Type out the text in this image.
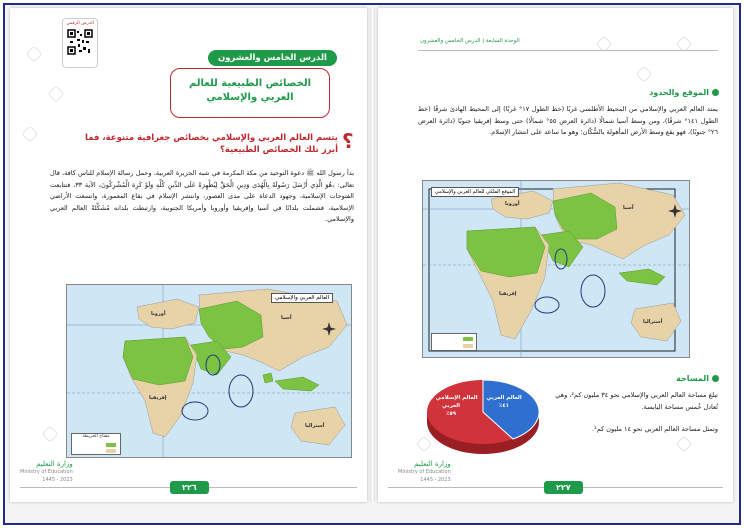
الدرس الرقمي
الدرس الخامس والعشرون
الخصائص الطبيعية للعالم العربي والإسلامي
؟
يتسم العالم العربي والإسلامي بخصائص جغرافية متنوعة، فما أبرز تلك الخصائص الطبيعية؟
بدأ رسول الله ﷺ دعوة التوحيد من مكة المكرمة في شبه الجزيرة العربية، وحمل رسالة الإسلام للناس كافة، قال تعالى: ﴿هُوَ الَّذِي أَرْسَلَ رَسُولَهُ بِالْهُدَى وَدِينِ الْحَقِّ لِيُظْهِرَهُ عَلَى الدِّينِ كُلِّهِ وَلَوْ كَرِهَ الْمُشْرِكُونَ﴾ الآية ٣٣، فتتابعت الفتوحات الإسلامية، وجهود الدعاة على مدى العصور، وانتشر الإسلام في بقاع المعمورة، واتسعت الأراضي الإسلامية، فشملت بلدانًا في آسيا وإفريقيا وأوروبا وأمريكا الجنوبية، وارتبطت بلدانه مُشَكِّلةً العالم العربي والإسلامي.
العالم العربي والإسلامي
أوروبا
آسيا
إفريقيا
أستراليا
مفتاح الخريطة
وزارة التعليم
Ministry of Education
2023 - 1445
٢٢٦
الوحدة السابعة | الدرس الخامس والعشرون
الموقع والحدود
يمتد العالم العربي والإسلامي من المحيط الأطلسي غربًا (خط الطول ١٧° غربًا) إلى المحيط الهادئ شرقًا (خط الطول ١٤١° شرقًا)، ومن وسط آسيا شمالًا (دائرة العرض ٥٥° شمالًا) حتى وسط إفريقيا جنوبًا (دائرة العرض ٢٦° جنوبًا)، فهو يقع وسط الأرض المأهولة بالسُّكّان؛ وهو ما ساعد على انتشار الإسلام.
الموقع الفلكي للعالم العربي والإسلامي
أوروبا
آسيا
إفريقيا
أستراليا
المساحة
تبلغ مساحة العالم العربي والإسلامي نحو ٣٤ مليون كم²، وهي تُعادل خُمس مساحة اليابسة.
وتمثل مساحة العالم العربي نحو ١٤ مليون كم².
العالم العربي
٤١٪
العالم الإسلامي غير العربي
٥٩٪
وزارة التعليم
Ministry of Education
2023 - 1445
٢٢٧
